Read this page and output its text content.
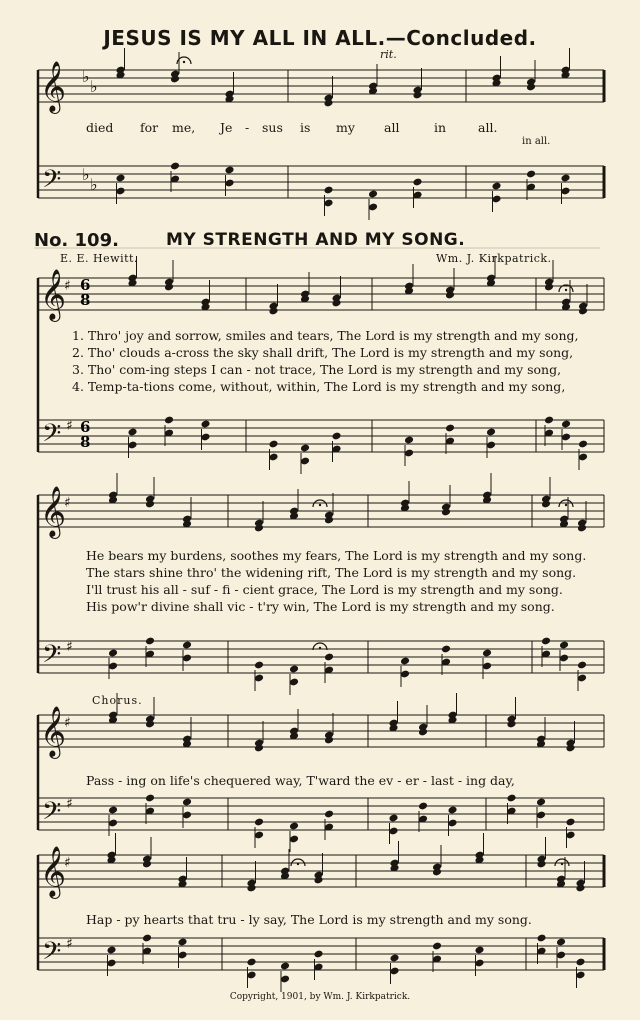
JESUS IS MY ALL IN ALL.—Concluded.
rit.
died for me, Je - sus is my all	in	all.
in all.
No. 109.	MY STRENGTH AND MY SONG.
E. E. Hewitt.	Wm. J. Kirkpatrick.
1. Thro' joy and sorrow, smiles and tears, The Lord is my strength and my song,
2. Tho' clouds a-cross the sky shall drift, The Lord is my strength and my song,
3. Tho' com-ing steps I can - not trace, The Lord is my strength and my song,
4. Temp-ta-tions come, without, within, The Lord is my strength and my song,
He bears my burdens, soothes my fears, The Lord is my strength and my song.
The stars shine thro' the widening rift, The Lord is my strength and my song.
I'll trust his all - suf - fi - cient grace, The Lord is my strength and my song.
His pow'r divine shall vic - t'ry win, The Lord is my strength and my song.
Chorus.
Pass - ing on life's chequered way, T'ward the ev - er - last - ing day,
Hap - py hearts that tru - ly say, The Lord is my strength and my song.
Copyright, 1901, by Wm. J. Kirkpatrick.
6
8
6
8
𝄞
𝄢
𝄞
𝄢
𝄞
𝄢
𝄞
𝄢
𝄞
𝄢
♭
♭
♭
♭
♯
♯
♯
♯
♯
♯
♯
♯
